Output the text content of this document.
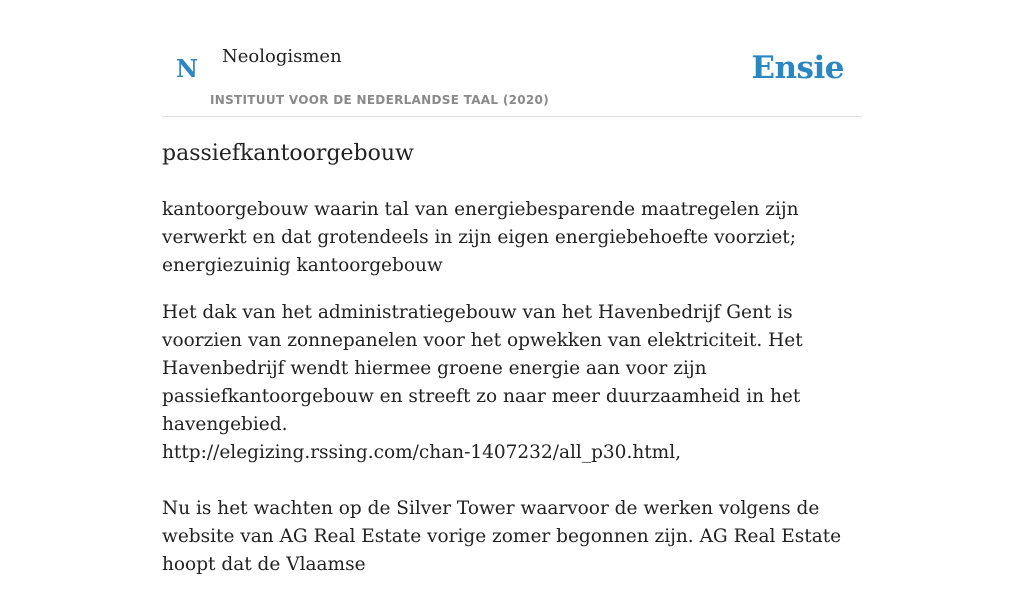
N Neologismen
INSTITUUT VOOR DE NEDERLANDSE TAAL (2020)
Ensie
passiefkantoorgebouw

kantoorgebouw waarin tal van energiebesparende maatregelen zijn verwerkt en dat grotendeels in zijn eigen energiebehoefte voorziet; energiezuinig kantoorgebouw

Het dak van het administratiegebouw van het Havenbedrijf Gent is voorzien van zonnepanelen voor het opwekken van elektriciteit. Het Havenbedrijf wendt hiermee groene energie aan voor zijn passiefkantoorgebouw en streeft zo naar meer duurzaamheid in het havengebied.
http://elegizing.rssing.com/chan-1407232/all_p30.html,
Nu is het wachten op de Silver Tower waarvoor de werken volgens de website van AG Real Estate vorige zomer begonnen zijn. AG Real Estate hoopt dat de Vlaamse
